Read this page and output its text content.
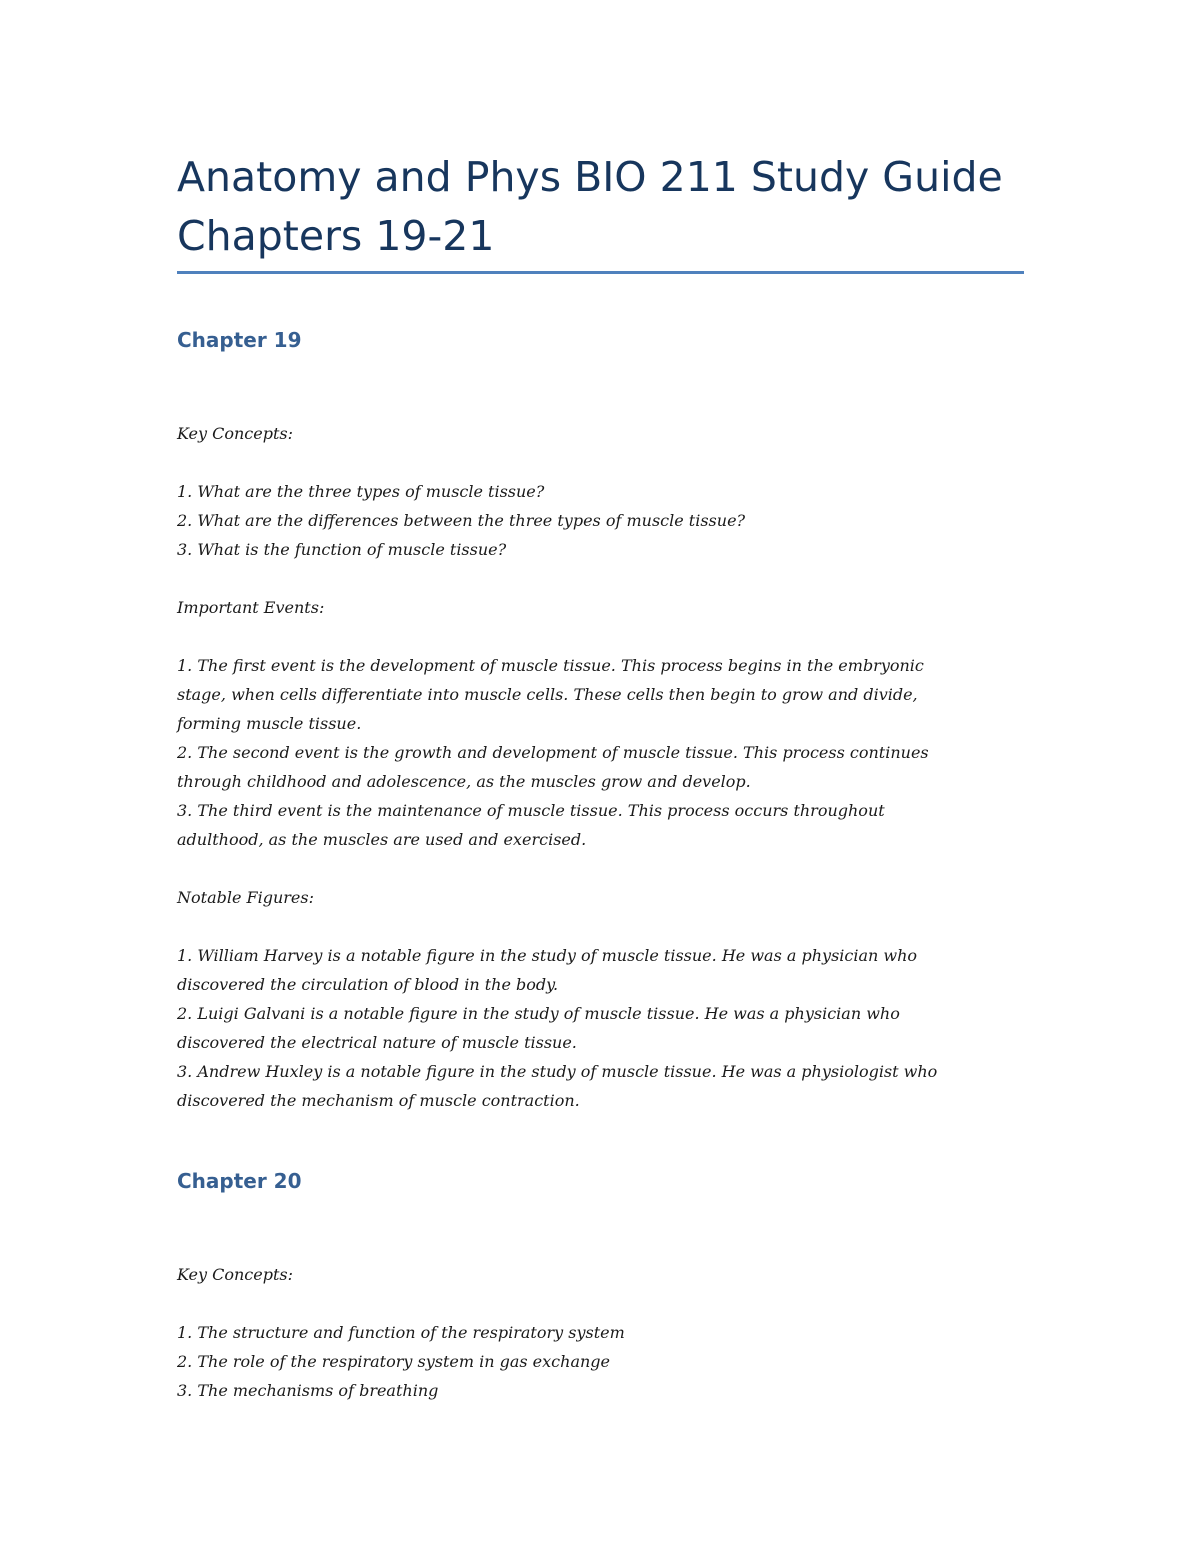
Anatomy and Phys BIO 211 Study Guide
Chapters 19-21
Chapter 19

Key Concepts:

1. What are the three types of muscle tissue?

2. What are the differences between the three types of muscle tissue?

3. What is the function of muscle tissue?

Important Events:

1. The first event is the development of muscle tissue. This process begins in the embryonic

stage, when cells differentiate into muscle cells. These cells then begin to grow and divide,

forming muscle tissue.

2. The second event is the growth and development of muscle tissue. This process continues

through childhood and adolescence, as the muscles grow and develop.

3. The third event is the maintenance of muscle tissue. This process occurs throughout

adulthood, as the muscles are used and exercised.

Notable Figures:

1. William Harvey is a notable figure in the study of muscle tissue. He was a physician who

discovered the circulation of blood in the body.

2. Luigi Galvani is a notable figure in the study of muscle tissue. He was a physician who

discovered the electrical nature of muscle tissue.

3. Andrew Huxley is a notable figure in the study of muscle tissue. He was a physiologist who

discovered the mechanism of muscle contraction.

Chapter 20

Key Concepts:

1. The structure and function of the respiratory system

2. The role of the respiratory system in gas exchange

3. The mechanisms of breathing
